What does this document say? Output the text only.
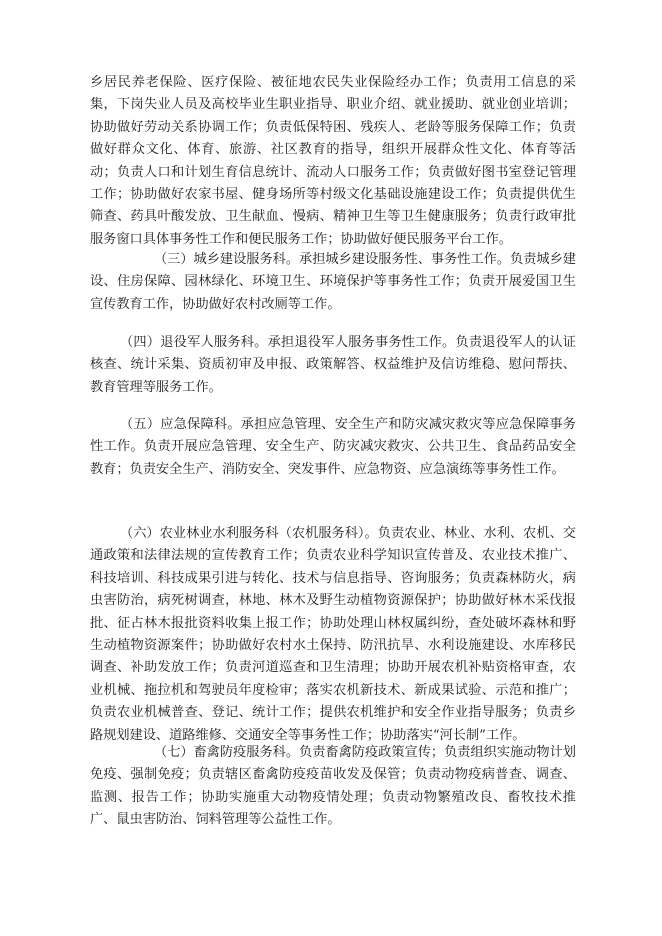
乡居民养老保险、医疗保险、被征地农民失业保险经办工作；负责用工信息的采集，下岗失业人员及高校毕业生职业指导、职业介绍、就业援助、就业创业培训；协助做好劳动关系协调工作；负责低保特困、残疾人、老龄等服务保障工作；负责做好群众文化、体育、旅游、社区教育的指导，组织开展群众性文化、体育等活动；负责人口和计划生育信息统计、流动人口服务工作；负责做好图书室登记管理工作；协助做好农家书屋、健身场所等村级文化基础设施建设工作；负责提供优生筛查、药具叶酸发放、卫生献血、慢病、精神卫生等卫生健康服务；负责行政审批服务窗口具体事务性工作和便民服务工作；协助做好便民服务平台工作。

（三）城乡建设服务科。承担城乡建设服务性、事务性工作。负责城乡建设、住房保障、园林绿化、环境卫生、环境保护等事务性工作；负责开展爱国卫生宣传教育工作，协助做好农村改厕等工作。

（四）退役军人服务科。承担退役军人服务事务性工作。负责退役军人的认证核查、统计采集、资质初审及申报、政策解答、权益维护及信访维稳、慰问帮扶、教育管理等服务工作。

（五）应急保障科。承担应急管理、安全生产和防灾减灾救灾等应急保障事务性工作。负责开展应急管理、安全生产、防灾减灾救灾、公共卫生、食品药品安全教育；负责安全生产、消防安全、突发事件、应急物资、应急演练等事务性工作。

（六）农业林业水利服务科（农机服务科）。负责农业、林业、水利、农机、交通政策和法律法规的宣传教育工作；负责农业科学知识宣传普及、农业技术推广、科技培训、科技成果引进与转化、技术与信息指导、咨询服务；负责森林防火，病虫害防治，病死树调查，林地、林木及野生动植物资源保护；协助做好林木采伐报批、征占林木报批资料收集上报工作；协助处理山林权属纠纷，查处破坏森林和野生动植物资源案件；协助做好农村水土保持、防汛抗旱、水利设施建设、水库移民调查、补助发放工作；负责河道巡查和卫生清理；协助开展农机补贴资格审查，农业机械、拖拉机和驾驶员年度检审；落实农机新技术、新成果试验、示范和推广；负责农业机械普查、登记、统计工作；提供农机维护和安全作业指导服务；负责乡路规划建设、道路维修、交通安全等事务性工作；协助落实“河长制”工作。

（七）畜禽防疫服务科。负责畜禽防疫政策宣传；负责组织实施动物计划免疫、强制免疫；负责辖区畜禽防疫疫苗收发及保管；负责动物疫病普查、调查、监测、报告工作；协助实施重大动物疫情处理；负责动物繁殖改良、畜牧技术推广、鼠虫害防治、饲料管理等公益性工作。
